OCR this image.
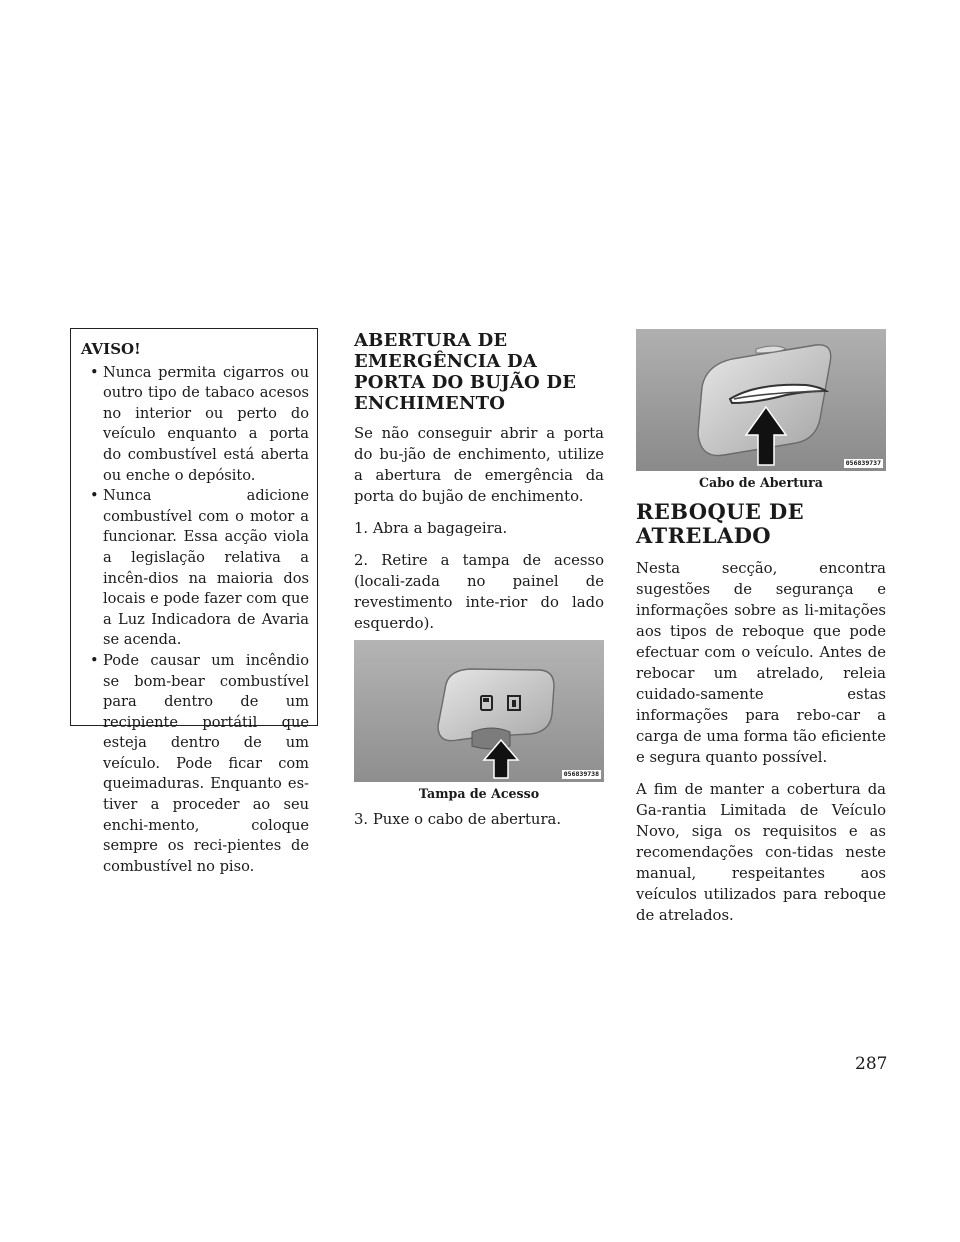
AVISO!
• Nunca permita cigarros ou outro tipo de tabaco acesos no interior ou perto do veículo enquanto a porta do combustível está aberta ou enche o depósito.
• Nunca adicione combustível com o motor a funcionar. Essa acção viola a legislação relativa a incên-dios na maioria dos locais e pode fazer com que a Luz Indicadora de Avaria se acenda.
• Pode causar um incêndio se bom-bear combustível para dentro de um recipiente portátil que esteja dentro de um veículo. Pode ficar com queimaduras. Enquanto es-tiver a proceder ao seu enchi-mento, coloque sempre os reci-pientes de combustível no piso.
ABERTURA DE EMERGÊNCIA DA PORTA DO BUJÃO DE ENCHIMENTO

Se não conseguir abrir a porta do bu-jão de enchimento, utilize a abertura de emergência da porta do bujão de enchimento.

1. Abra a bagageira.

2. Retire a tampa de acesso (locali-zada no painel de revestimento inte-rior do lado esquerdo).

056839738
Tampa de Acesso

3. Puxe o cabo de abertura.

056839737
Cabo de Abertura
REBOQUE DE ATRELADO

Nesta secção, encontra sugestões de segurança e informações sobre as li-mitações aos tipos de reboque que pode efectuar com o veículo. Antes de rebocar um atrelado, releia cuidado-samente estas informações para rebo-car a carga de uma forma tão eficiente e segura quanto possível.

A fim de manter a cobertura da Ga-rantia Limitada de Veículo Novo, siga os requisitos e as recomendações con-tidas neste manual, respeitantes aos veículos utilizados para reboque de atrelados.

287
